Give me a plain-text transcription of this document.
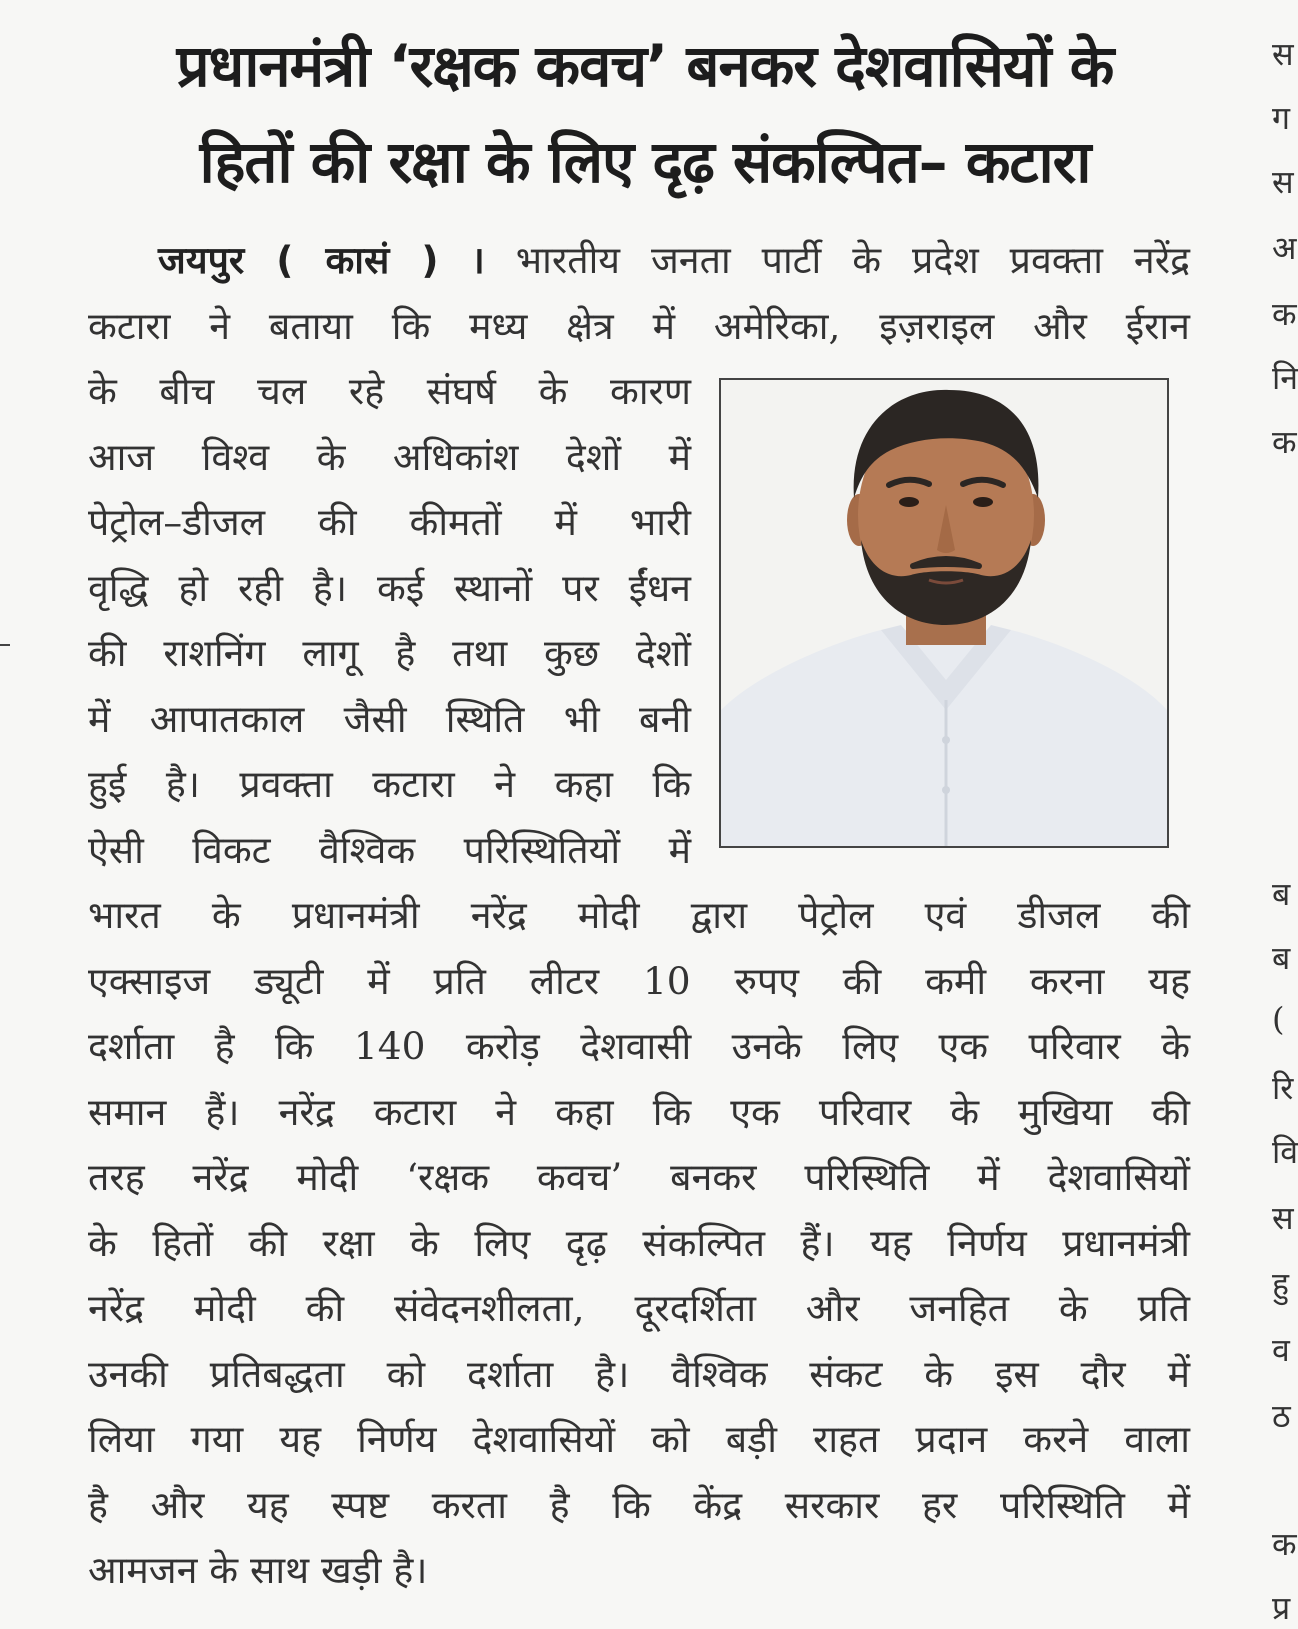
प्रधानमंत्री ‘रक्षक कवच’ बनकर देशवासियों के
हितों की रक्षा के लिए दृढ़ संकल्पित– कटारा
जयपुर ( कासं ) । भारतीय जनता पार्टी के प्रदेश प्रवक्ता नरेंद्र
कटारा ने बताया कि मध्य क्षेत्र में अमेरिका, इज़राइल और ईरान
के बीच चल रहे संघर्ष के कारण
आज विश्व के अधिकांश देशों में
पेट्रोल–डीजल की कीमतों में भारी
वृद्धि हो रही है। कई स्थानों पर ईंधन
की राशनिंग लागू है तथा कुछ देशों
में आपातकाल जैसी स्थिति भी बनी
हुई है। प्रवक्ता कटारा ने कहा कि
ऐसी विकट वैश्विक परिस्थितियों में
भारत के प्रधानमंत्री नरेंद्र मोदी द्वारा पेट्रोल एवं डीजल की
एक्साइज ड्यूटी में प्रति लीटर 10 रुपए की कमी करना यह
दर्शाता है कि 140 करोड़ देशवासी उनके लिए एक परिवार के
समान हैं। नरेंद्र कटारा ने कहा कि एक परिवार के मुखिया की
तरह नरेंद्र मोदी ‘रक्षक कवच’ बनकर परिस्थिति में देशवासियों
के हितों की रक्षा के लिए दृढ़ संकल्पित हैं। यह निर्णय प्रधानमंत्री
नरेंद्र मोदी की संवेदनशीलता, दूरदर्शिता और जनहित के प्रति
उनकी प्रतिबद्धता को दर्शाता है। वैश्विक संकट के इस दौर में
लिया गया यह निर्णय देशवासियों को बड़ी राहत प्रदान करने वाला
है और यह स्पष्ट करता है कि केंद्र सरकार हर परिस्थिति में
आमजन के साथ खड़ी है।
स
ग
स
अ
क
नि
क
ब
ब
(
रि
वि
स
हु
व
ठ
क
प्र
